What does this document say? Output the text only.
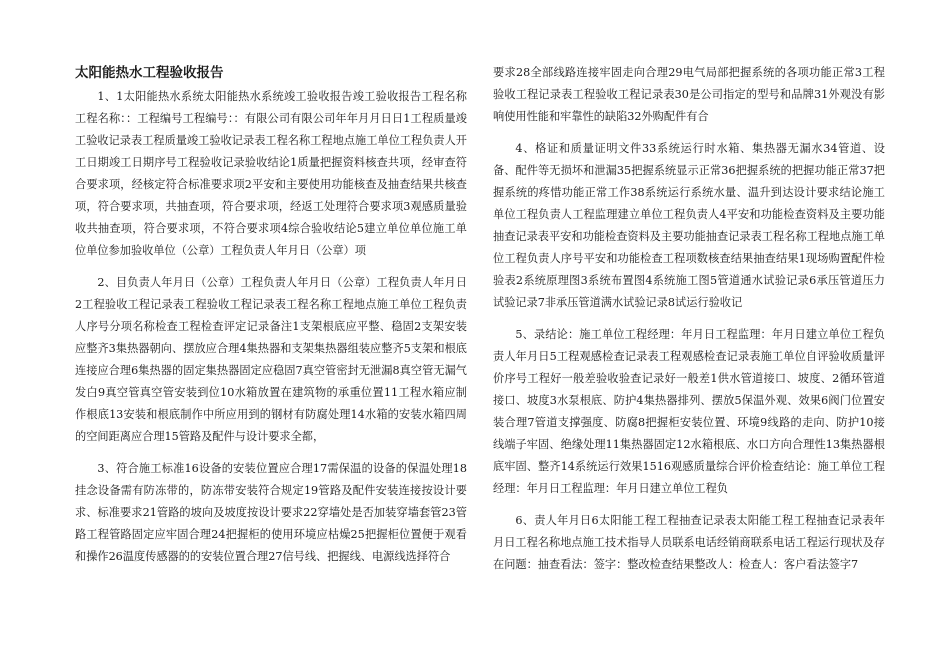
太阳能热水工程验收报告

1、1太阳能热水系统太阳能热水系统竣工验收报告竣工验收报告工程名称工程名称：：工程编号工程编号：：有限公司有限公司年年月月日日1工程质量竣工验收记录表工程质量竣工验收记录表工程名称工程地点施工单位工程负责人开工日期竣工日期序号工程验收记录验收结论1质量把握资料核查共项，经审查符合要求项，经核定符合标准要求项2平安和主要使用功能核查及抽查结果共核查项，符合要求项，共抽查项，符合要求项，经返工处理符合要求项3观感质量验收共抽查项，符合要求项，不符合要求项4综合验收结论5建立单位单位施工单位单位参加验收单位（公章）工程负责人年月日（公章）项

2、目负责人年月日（公章）工程负责人年月日（公章）工程负责人年月日2工程验收工程记录表工程验收工程记录表工程名称工程地点施工单位工程负责人序号分项名称检查工程检查评定记录备注1支架根底应平整、稳固2支架安装应整齐3集热器朝向、摆放应合理4集热器和支架集热器组装应整齐5支架和根底连接应合理6集热器的固定集热器固定应稳固7真空管密封无泄漏8真空管无漏气发白9真空管真空管安装到位10水箱放置在建筑物的承重位置11工程水箱应制作根底13安装和根底制作中所应用到的钢材有防腐处理14水箱的安装水箱四周的空间距离应合理15管路及配件与设计要求全都，

3、符合施工标准16设备的安装位置应合理17需保温的设备的保温处理18挂念设备需有防冻带的，防冻带安装符合规定19管路及配件安装连接按设计要求、标准要求21管路的坡向及坡度按设计要求22穿墙处是否加装穿墙套管23管路工程管路固定应牢固合理24把握柜的使用环境应枯燥25把握柜位置便于观看和操作26温度传感器的的安装位置合理27信号线、把握线、电源线选择符合

要求28全部线路连接牢固走向合理29电气局部把握系统的各项功能正常3工程验收工程记录表工程验收工程记录表30是公司指定的型号和品牌31外观没有影响使用性能和牢靠性的缺陷32外购配件有合

4、格证和质量证明文件33系统运行时水箱、集热器无漏水34管道、设备、配件等无损坏和泄漏35把握系统显示正常36把握系统的把握功能正常37把握系统的疼惜功能正常工作38系统运行系统水量、温升到达设计要求结论施工单位工程负责人工程监理建立单位工程负责人4平安和功能检查资料及主要功能抽查记录表平安和功能检查资料及主要功能抽查记录表工程名称工程地点施工单位工程负责人序号平安和功能检查工程项数核查结果抽查结果1现场购置配件检验表2系统原理图3系统布置图4系统施工图5管道通水试验记录6承压管道压力试验记录7非承压管道满水试验记录8试运行验收记

5、录结论：施工单位工程经理：年月日工程监理：年月日建立单位工程负责人年月日5工程观感检查记录表工程观感检查记录表施工单位自评验收质量评价序号工程好一般差验收验查记录好一般差1供水管道接口、坡度、2循环管道接口、坡度3水泵根底、防护4集热器排列、摆放5保温外观、效果6阀门位置安装合理7管道支撑强度、防腐8把握柜安装位置、环境9线路的走向、防护10接线端子牢固、绝缘处理11集热器固定12水箱根底、水口方向合理性13集热器根底牢固、整齐14系统运行效果1516观感质量综合评价检查结论：施工单位工程经理：年月日工程监理：年月日建立单位工程负

6、责人年月日6太阳能工程工程抽查记录表太阳能工程工程抽查记录表年月日工程名称地点施工技术指导人员联系电话经销商联系电话工程运行现状及存在问题：抽查看法：签字：整改检查结果整改人：检查人：客户看法签字7
